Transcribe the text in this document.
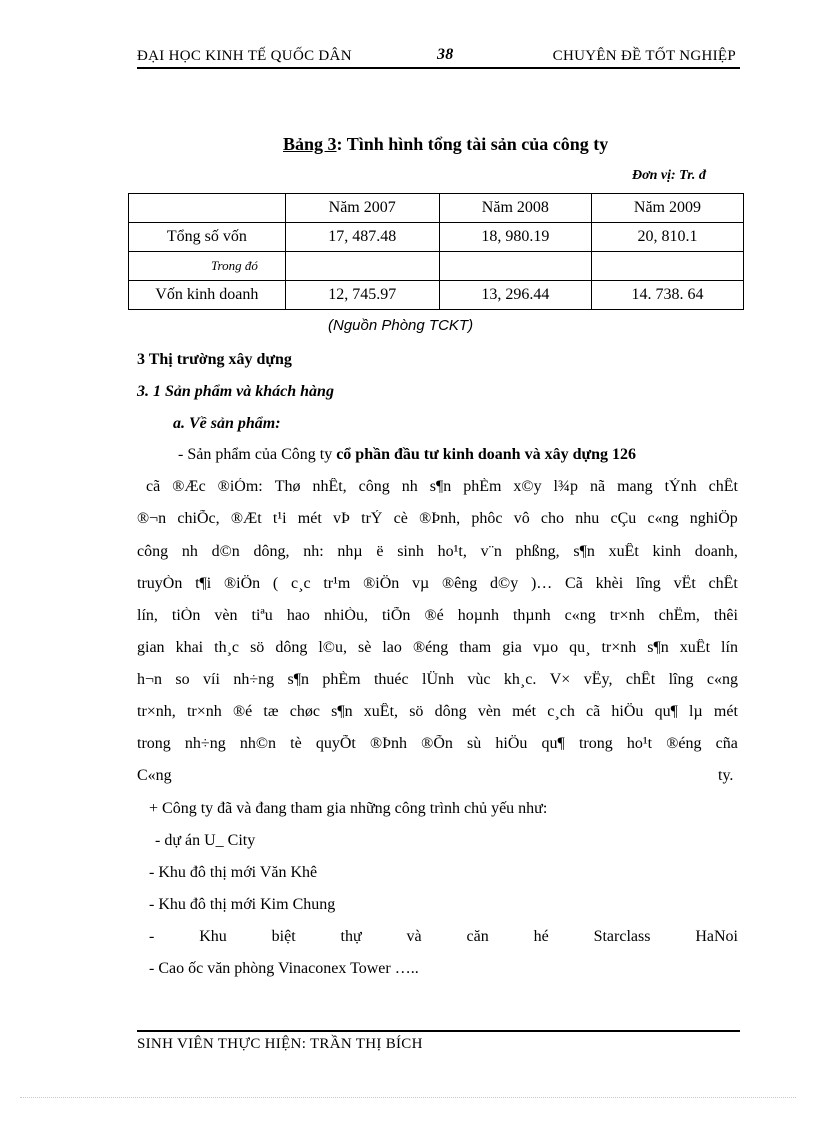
ĐẠI HỌC KINH TẾ QUỐC DÂN	38	CHUYÊN ĐỀ TỐT NGHIỆP
Bảng 3: Tình hình tổng tài sản của công ty
Đơn vị: Tr. đ
	Năm 2007	Năm 2008	Năm 2009
Tổng số vốn	17, 487.48	18, 980.19	20, 810.1
Trong đó			
Vốn kinh doanh	12, 745.97	13, 296.44	14. 738. 64
(Nguồn Phòng TCKT)
3 Thị trường xây dựng
3. 1 Sản phẩm và khách hàng
a. Về sản phẩm:
- Sản phẩm của Công ty cổ phần đầu tư kinh doanh và xây dựng 126
cã ®Æc ®iÓm: Thø nhÊt, công nh s¶n phÈm x©y l¾p nã mang tÝnh chÊt
®¬n chiÕc, ®Æt t¹i mét vÞ trÝ cè ®Þnh, phôc vô cho nhu cÇu c«ng nghiÖp
công nh d©n dông, nh: nhµ ë sinh ho¹t, v¨n phßng, s¶n xuÊt kinh doanh,
truyÒn t¶i ®iÖn ( c¸c tr¹m ®iÖn vµ ®êng d©y )… Cã khèi lîng vËt chÊt
lín, tiÒn vèn tiªu hao nhiÒu, tiÕn ®é hoµnh thµnh c«ng tr×nh chËm, thêi
gian khai th¸c sö dông l©u, sè lao ®éng tham gia vµo qu¸ tr×nh s¶n xuÊt lín
h¬n so víi nh÷ng s¶n phÈm thuéc lÜnh vùc kh¸c. V× vËy, chÊt lîng c«ng
tr×nh, tr×nh ®é tæ chøc s¶n xuÊt, sö dông vèn mét c¸ch cã hiÖu qu¶ lµ mét
trong nh÷ng nh©n tè quyÕt ®Þnh ®Õn sù hiÖu qu¶ trong ho¹t ®éng cña
C«ng	ty.
+ Công ty đã và đang tham gia những công trình chủ yếu như:
- dự án U_ City
- Khu đô thị mới Văn Khê
- Khu đô thị mới Kim Chung
-	Khu	biệt	thự	và	căn	hé	Starclass	HaNoi
- Cao ốc văn phòng Vinaconex Tower …..
SINH VIÊN THỰC HIỆN: TRẦN THỊ BÍCH
